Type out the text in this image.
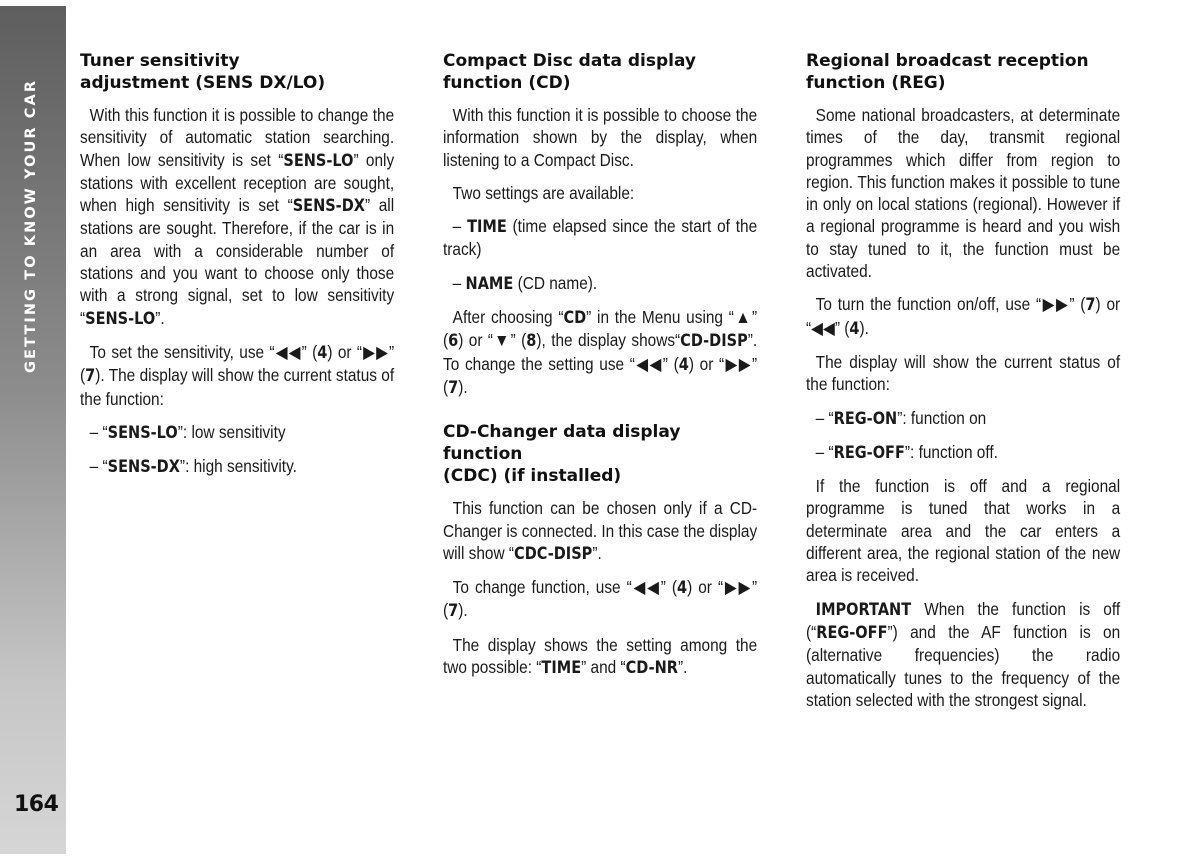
GETTING TO KNOW YOUR CAR
164
Tuner sensitivity
adjustment (SENS DX/LO)

With this function it is possible to change the sensitivity of automatic station searching. When low sensitivity is set “SENS-LO” only stations with excellent reception are sought, when high sensitivity is set “SENS-DX” all stations are sought. Therefore, if the car is in an area with a considerable number of stations and you want to choose only those with a strong signal, set to low sensitivity “SENS-LO”.

To set the sensitivity, use “◀◀” (4) or “▶▶” (7). The display will show the current status of the function:

– “SENS-LO”: low sensitivity

– “SENS-DX”: high sensitivity.

Compact Disc data display
function (CD)

With this function it is possible to choose the information shown by the display, when listening to a Compact Disc.

Two settings are available:

– TIME (time elapsed since the start of the track)

– NAME (CD name).

After choosing “CD” in the Menu using “▲” (6) or “▼” (8), the display shows“CD-DISP”. To change the setting use “◀◀” (4) or “▶▶” (7).

CD-Changer data display function
(CDC) (if installed)

This function can be chosen only if a CD-Changer is connected. In this case the display will show “CDC-DISP”.

To change function, use “◀◀” (4) or “▶▶” (7).

The display shows the setting among the two possible: “TIME” and “CD-NR”.

Regional broadcast reception
function (REG)

Some national broadcasters, at determinate times of the day, transmit regional programmes which differ from region to region. This function makes it possible to tune in only on local stations (regional). However if a regional programme is heard and you wish to stay tuned to it, the function must be activated.

To turn the function on/off, use “▶▶” (7) or “◀◀” (4).

The display will show the current status of the function:

– “REG-ON”: function on

– “REG-OFF”: function off.

If the function is off and a regional programme is tuned that works in a determinate area and the car enters a different area, the regional station of the new area is received.

IMPORTANT When the function is off (“REG-OFF”) and the AF function is on (alternative frequencies) the radio automatically tunes to the frequency of the station selected with the strongest signal.
